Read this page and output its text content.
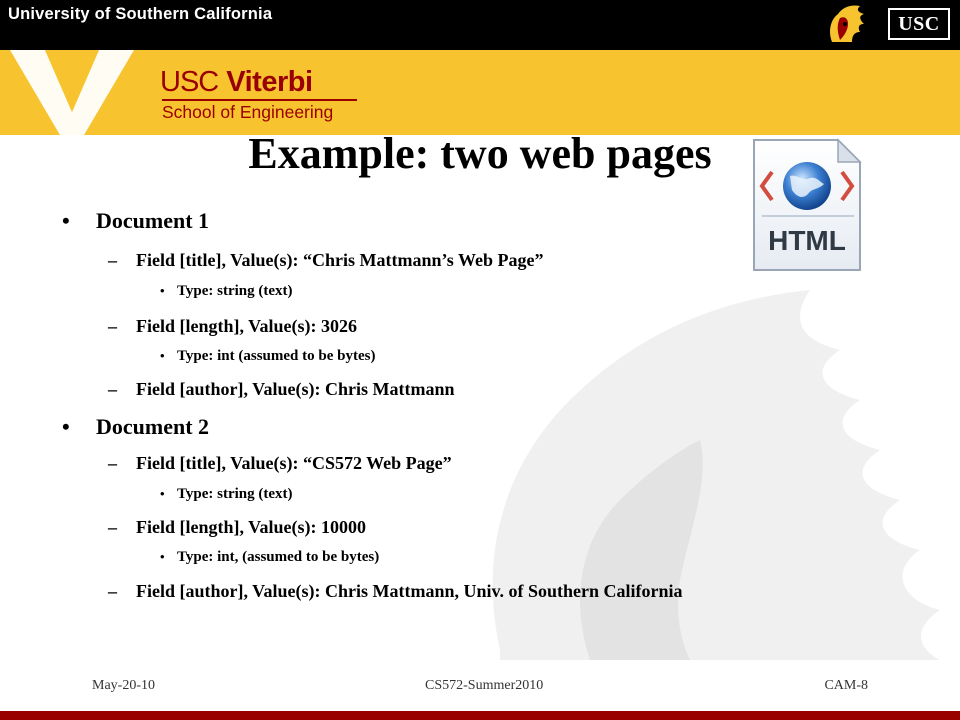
University of Southern California	USC
USC Viterbi
School of Engineering
Example: two web pages
HTML
• Document 1
– Field [title], Value(s): “Chris Mattmann’s Web Page”
• Type: string (text)
– Field [length], Value(s): 3026
• Type: int (assumed to be bytes)
– Field [author], Value(s): Chris Mattmann
• Document 2
– Field [title], Value(s): “CS572 Web Page”
• Type: string (text)
– Field [length], Value(s): 10000
• Type: int, (assumed to be bytes)
– Field [author], Value(s): Chris Mattmann, Univ. of Southern California
May-20-10	CS572-Summer2010	CAM-8
